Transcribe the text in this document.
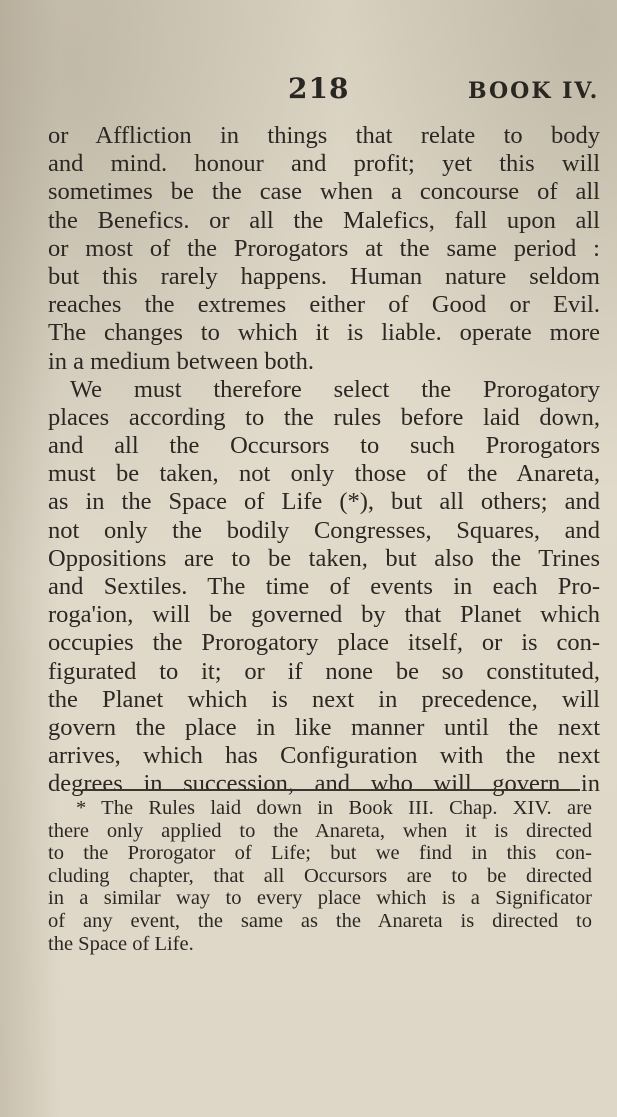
218	BOOK IV.
or Affliction in things that relate to body
and mind. honour and profit; yet this will
sometimes be the case when a concourse of all
the Benefics. or all the Malefics, fall upon all
or most of the Prorogators at the same period :
but this rarely happens. Human nature seldom
reaches the extremes either of Good or Evil.
The changes to which it is liable. operate more
in a medium between both.
We must therefore select the Prorogatory
places according to the rules before laid down,
and all the Occursors to such Prorogators
must be taken, not only those of the Anareta,
as in the Space of Life (*), but all others; and
not only the bodily Congresses, Squares, and
Oppositions are to be taken, but also the Trines
and Sextiles. The time of events in each Pro-
roga'ion, will be governed by that Planet which
occupies the Prorogatory place itself, or is con-
figurated to it; or if none be so constituted,
the Planet which is next in precedence, will
govern the place in like manner until the next
arrives, which has Configuration with the next
degrees in succession, and who will govern in
* The Rules laid down in Book III. Chap. XIV. are
there only applied to the Anareta, when it is directed
to the Prorogator of Life; but we find in this con-
cluding chapter, that all Occursors are to be directed
in a similar way to every place which is a Significator
of any event, the same as the Anareta is directed to
the Space of Life.
